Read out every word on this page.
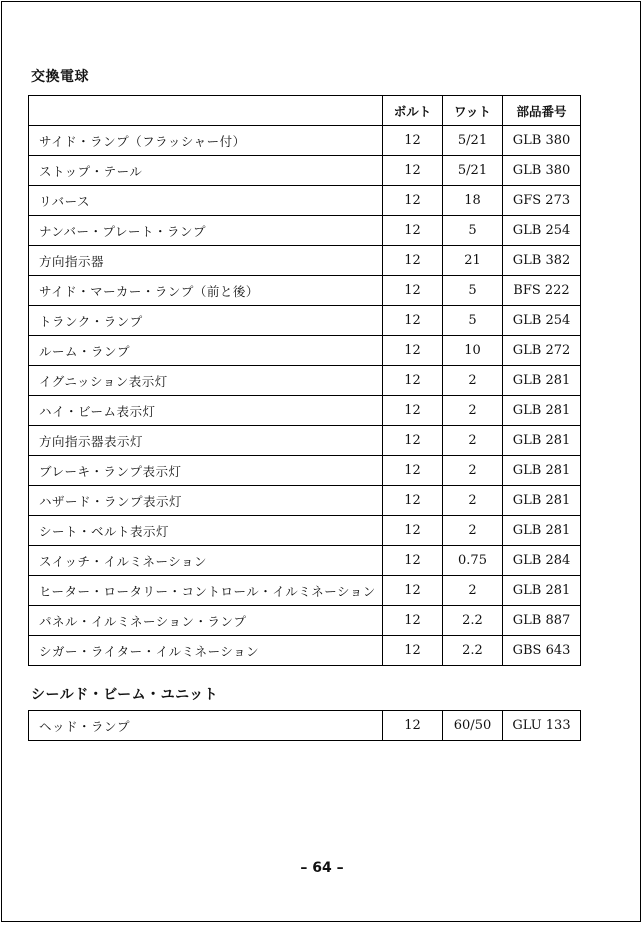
交換電球
	ボルト	ワット	部品番号
サイド・ランプ（フラッシャー付）	12	5/21	GLB 380
ストップ・テール	12	5/21	GLB 380
リバース	12	18	GFS 273
ナンバー・プレート・ランプ	12	5	GLB 254
方向指示器	12	21	GLB 382
サイド・マーカー・ランプ（前と後）	12	5	BFS 222
トランク・ランプ	12	5	GLB 254
ルーム・ランプ	12	10	GLB 272
イグニッション表示灯	12	2	GLB 281
ハイ・ビーム表示灯	12	2	GLB 281
方向指示器表示灯	12	2	GLB 281
ブレーキ・ランプ表示灯	12	2	GLB 281
ハザード・ランプ表示灯	12	2	GLB 281
シート・ベルト表示灯	12	2	GLB 281
スイッチ・イルミネーション	12	0.75	GLB 284
ヒーター・ロータリー・コントロール・イルミネーション	12	2	GLB 281
パネル・イルミネーション・ランプ	12	2.2	GLB 887
シガー・ライター・イルミネーション	12	2.2	GBS 643
シールド・ビーム・ユニット
ヘッド・ランプ	12	60/50	GLU 133
– 64 –
